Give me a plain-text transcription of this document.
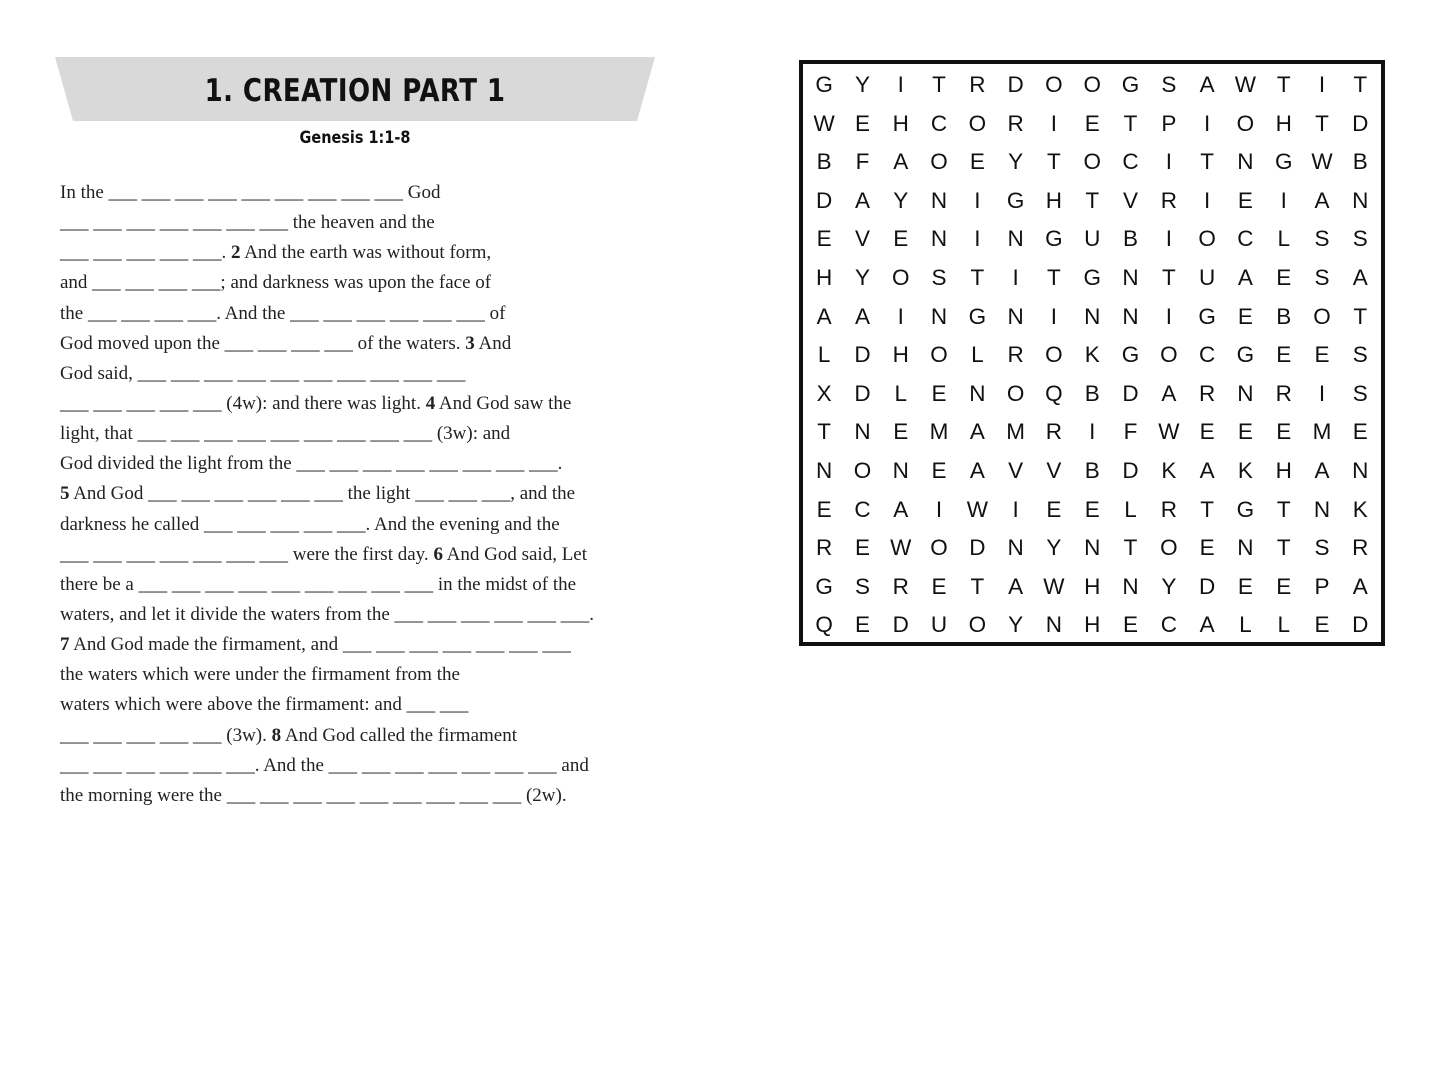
1. CREATION PART 1
Genesis 1:1-8
In the ___ ___ ___ ___ ___ ___ ___ ___ ___ God
___ ___ ___ ___ ___ ___ ___ the heaven and the
___ ___ ___ ___ ___. 2 And the earth was without form,
and ___ ___ ___ ___; and darkness was upon the face of
the ___ ___ ___ ___. And the ___ ___ ___ ___ ___ ___ of
God moved upon the ___ ___ ___ ___ of the waters. 3 And
God said, ___ ___ ___ ___ ___ ___ ___ ___ ___ ___
___ ___ ___ ___ ___ (4w): and there was light. 4 And God saw the
light, that ___ ___ ___ ___ ___ ___ ___ ___ ___ (3w): and
God divided the light from the ___ ___ ___ ___ ___ ___ ___ ___.
5 And God ___ ___ ___ ___ ___ ___ the light ___ ___ ___, and the
darkness he called ___ ___ ___ ___ ___. And the evening and the
___ ___ ___ ___ ___ ___ ___ were the first day. 6 And God said, Let
there be a ___ ___ ___ ___ ___ ___ ___ ___ ___ in the midst of the
waters, and let it divide the waters from the ___ ___ ___ ___ ___ ___.
7 And God made the firmament, and ___ ___ ___ ___ ___ ___ ___
the waters which were under the firmament from the
waters which were above the firmament: and ___ ___
___ ___ ___ ___ ___ (3w). 8 And God called the firmament
___ ___ ___ ___ ___ ___. And the ___ ___ ___ ___ ___ ___ ___ and
the morning were the ___ ___ ___ ___ ___ ___ ___ ___ ___ (2w).
G Y	I	T	R D O O G S	A W T	I	T
W E	H C O R	I	E	T	P	I	O H	T	D
B	F	A O E	Y	T	O C	I	T	N G W B
D	A	Y	N	I	G H	T	V	R	I	E	I	A	N
E	V	E	N	I	N G U	B	I	O C	L	S	S
H	Y O S	T	I	T	G N	T	U	A	E	S	A
A	A	I	N G N	I	N N	I	G E	B O	T
L	D H O	L	R O K G O C G E	E	S
X	D	L	E	N O Q B	D	A	R N R	I	S
T	N	E M A M R	I	F W E	E	E M E
N O N	E	A	V	V	B	D	K	A	K	H	A	N
E	C	A	I	W	I	E	E	L	R	T	G	T	N	K
R	E W O D N	Y	N	T	O E	N	T	S	R
G S	R	E	T	A W H N	Y	D	E	E	P	A
Q E	D U O Y	N H	E	C	A	L	L	E	D
